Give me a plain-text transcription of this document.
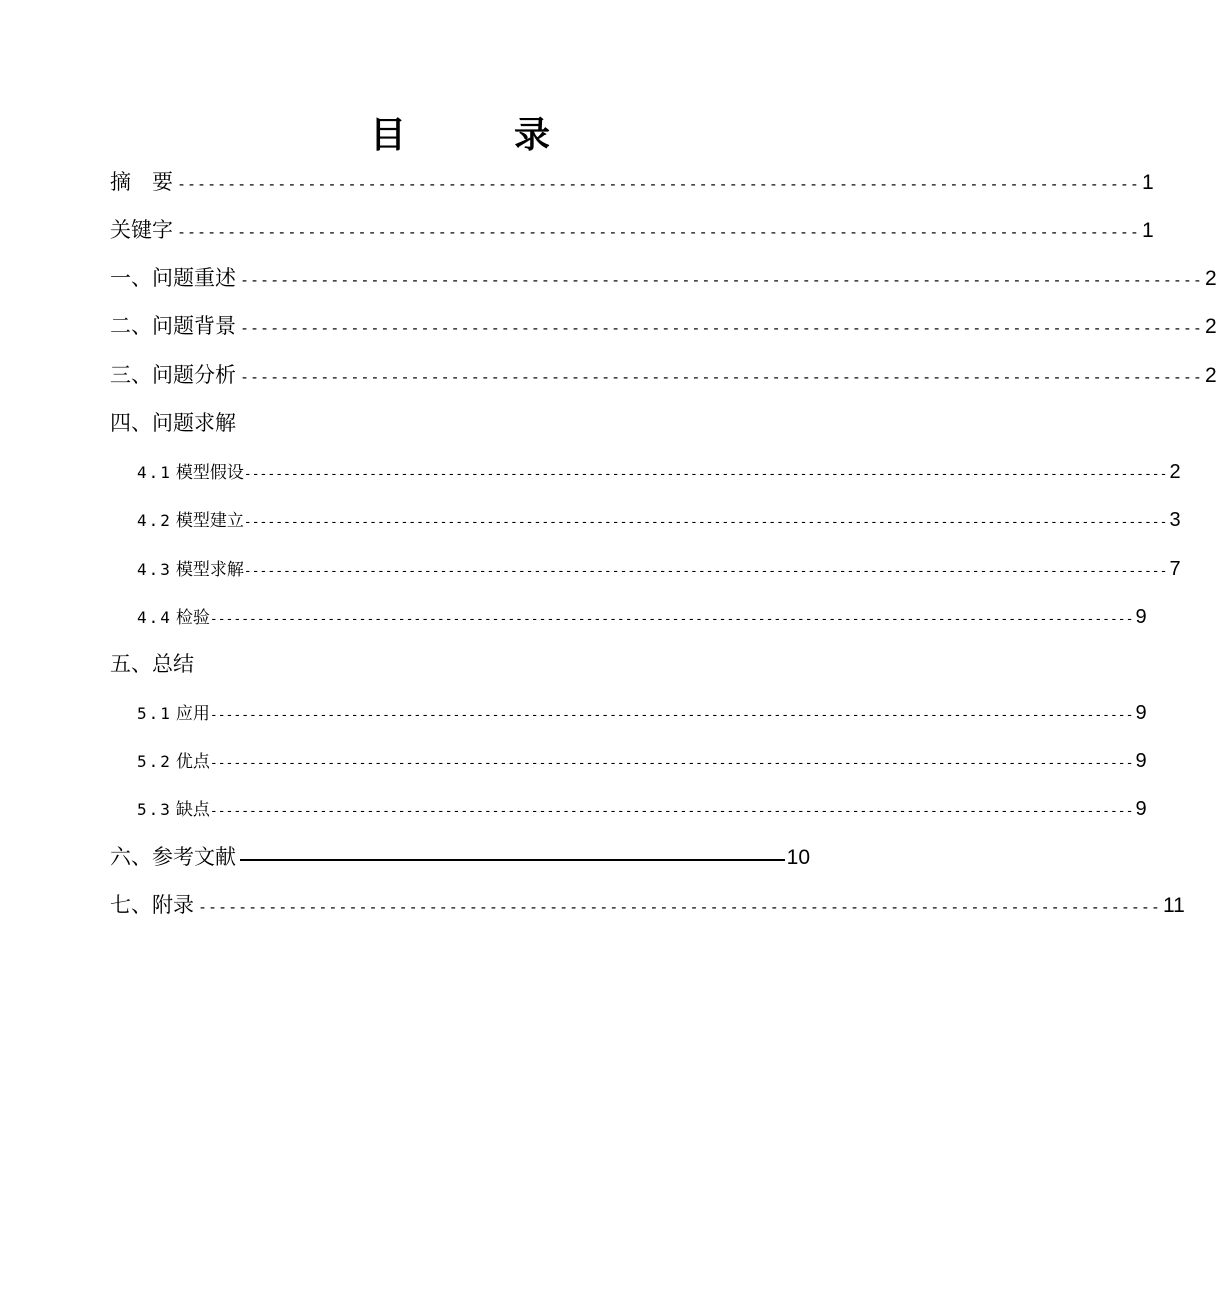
目　录
摘　要 ------------------------------------------------------------------------------------------------ 1
关键字 ------------------------------------------------------------------------------------------------ 1
一、问题重述 ------------------------------------------------------------------------------------------------ 2
二、问题背景 ------------------------------------------------------------------------------------------------ 2
三、问题分析 ------------------------------------------------------------------------------------------------ 2
四、问题求解
4.1 模型假设 ---------------------------------------------------------------------------------------------------------------------- 2
4.2 模型建立 ---------------------------------------------------------------------------------------------------------------------- 3
4.3 模型求解 ---------------------------------------------------------------------------------------------------------------------- 7
4.4 检验 ---------------------------------------------------------------------------------------------------------------------- 9
五、总结
5.1 应用 ---------------------------------------------------------------------------------------------------------------------- 9
5.2 优点 ---------------------------------------------------------------------------------------------------------------------- 9
5.3 缺点 ---------------------------------------------------------------------------------------------------------------------- 9
六、参考文献	10
七、附录 ------------------------------------------------------------------------------------------------ 11
